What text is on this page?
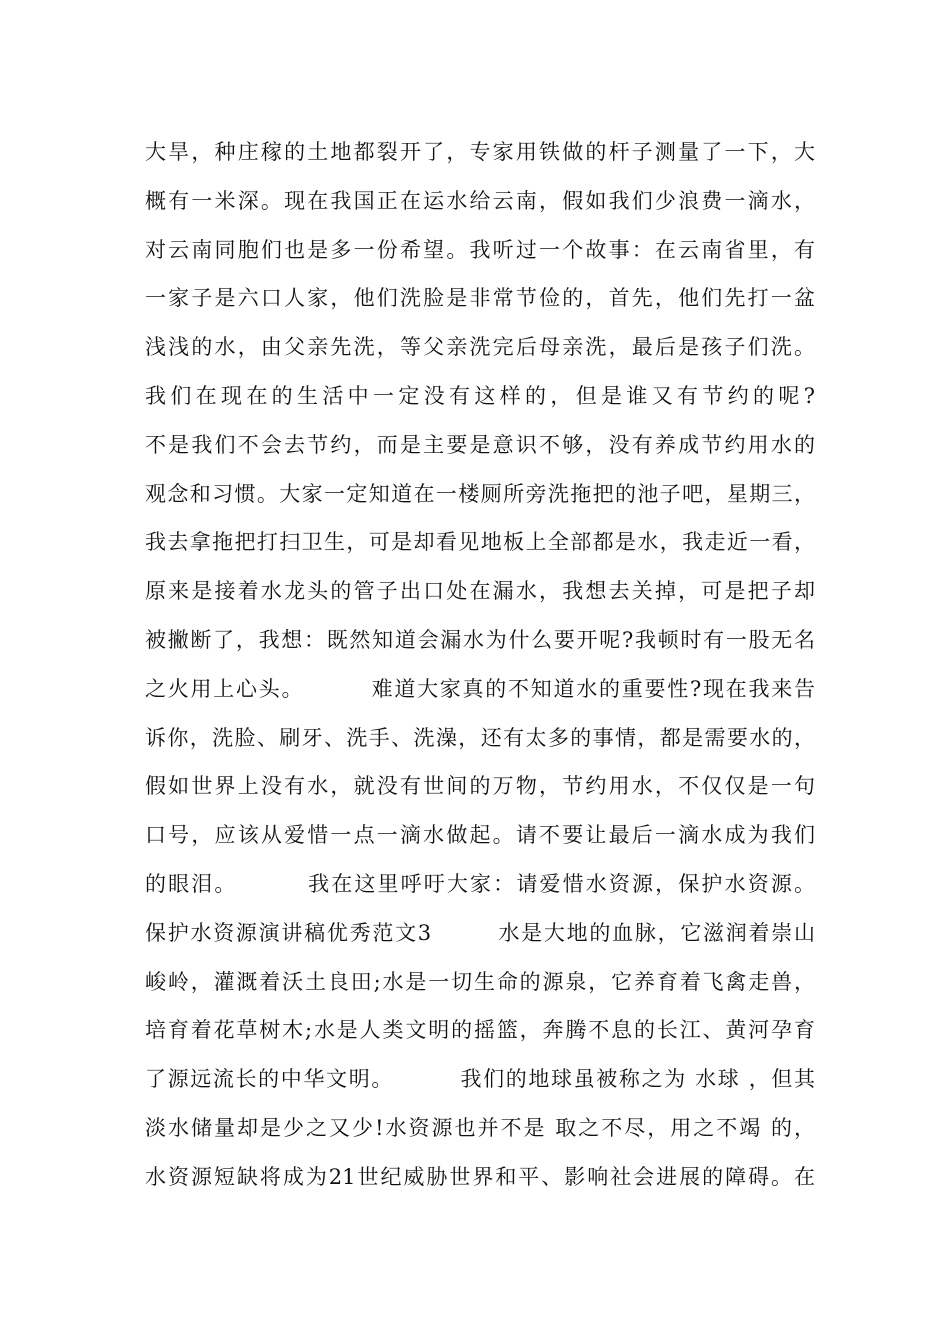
大旱，种庄稼的土地都裂开了，专家用铁做的杆子测量了一下，大
概有一米深。现在我国正在运水给云南，假如我们少浪费一滴水，
对云南同胞们也是多一份希望。我听过一个故事：在云南省里，有
一家子是六口人家，他们洗脸是非常节俭的，首先，他们先打一盆
浅浅的水，由父亲先洗，等父亲洗完后母亲洗，最后是孩子们洗。
我们在现在的生活中一定没有这样的，但是谁又有节约的呢?
不是我们不会去节约，而是主要是意识不够，没有养成节约用水的
观念和习惯。大家一定知道在一楼厕所旁洗拖把的池子吧，星期三，
我去拿拖把打扫卫生，可是却看见地板上全部都是水，我走近一看，
原来是接着水龙头的管子出口处在漏水，我想去关掉，可是把子却
被撇断了，我想：既然知道会漏水为什么要开呢?我顿时有一股无名
之火用上心头。        难道大家真的不知道水的重要性?现在我来告
诉你，洗脸、刷牙、洗手、洗澡，还有太多的事情，都是需要水的，
假如世界上没有水，就没有世间的万物，节约用水，不仅仅是一句
口号，应该从爱惜一点一滴水做起。请不要让最后一滴水成为我们
的眼泪。        我在这里呼吁大家：请爱惜水资源，保护水资源。
保护水资源演讲稿优秀范文3        水是大地的血脉，它滋润着崇山
峻岭，灌溉着沃土良田;水是一切生命的源泉，它养育着飞禽走兽，
培育着花草树木;水是人类文明的摇篮，奔腾不息的长江、黄河孕育
了源远流长的中华文明。        我们的地球虽被称之为 水球 ，但其
淡水储量却是少之又少!水资源也并不是 取之不尽，用之不竭 的，
水资源短缺将成为21世纪威胁世界和平、影响社会进展的障碍。在
